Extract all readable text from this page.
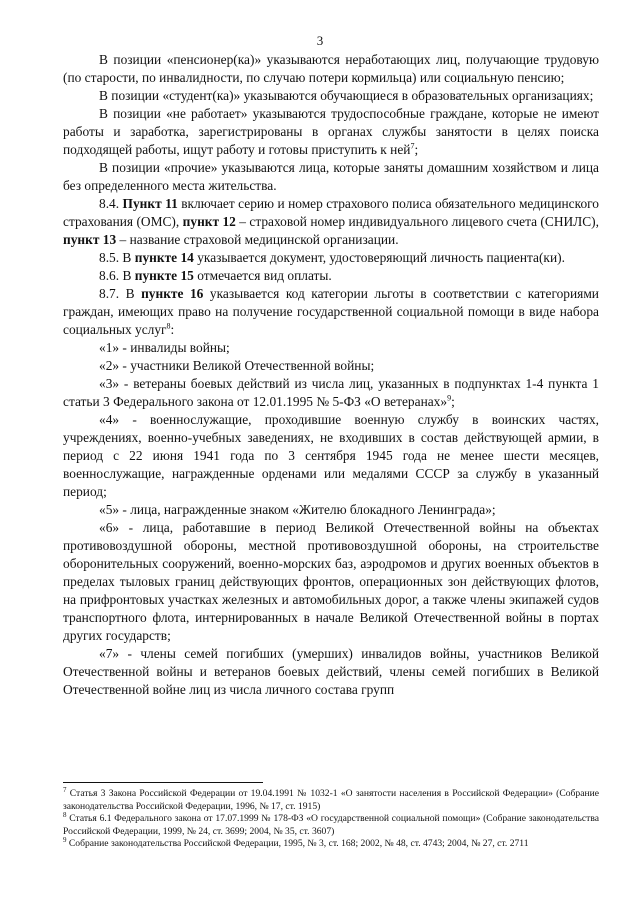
3

В позиции «пенсионер(ка)» указываются неработающих лиц, получающие трудовую (по старости, по инвалидности, по случаю потери кормильца) или социальную пенсию;

В позиции «студент(ка)» указываются обучающиеся в образовательных организациях;

В позиции «не работает» указываются трудоспособные граждане, которые не имеют работы и заработка, зарегистрированы в органах службы занятости в целях поиска подходящей работы, ищут работу и готовы приступить к ней$^7$;

В позиции «прочие» указываются лица, которые заняты домашним хозяйством и лица без определенного места жительства.

8.4. Пункт 11 включает серию и номер страхового полиса обязательного медицинского страхования (ОМС), пункт 12 – страховой номер индивидуального лицевого счета (СНИЛС), пункт 13 – название страховой медицинской организации.

8.5. В пункте 14 указывается документ, удостоверяющий личность пациента(ки).

8.6. В пункте 15 отмечается вид оплаты.

8.7. В пункте 16 указывается код категории льготы в соответствии с категориями граждан, имеющих право на получение государственной социальной помощи в виде набора социальных услуг$^8$:

«1» - инвалиды войны;

«2» - участники Великой Отечественной войны;

«3» - ветераны боевых действий из числа лиц, указанных в подпунктах 1-4 пункта 1 статьи 3 Федерального закона от 12.01.1995 № 5-ФЗ «О ветеранах»$^9$;

«4» - военнослужащие, проходившие военную службу в воинских частях, учреждениях, военно-учебных заведениях, не входивших в состав действующей армии, в период с 22 июня 1941 года по 3 сентября 1945 года не менее шести месяцев, военнослужащие, награжденные орденами или медалями СССР за службу в указанный период;

«5» - лица, награжденные знаком «Жителю блокадного Ленинграда»;

«6» - лица, работавшие в период Великой Отечественной войны на объектах противовоздушной обороны, местной противовоздушной обороны, на строительстве оборонительных сооружений, военно-морских баз, аэродромов и других военных объектов в пределах тыловых границ действующих фронтов, операционных зон действующих флотов, на прифронтовых участках железных и автомобильных дорог, а также члены экипажей судов транспортного флота, интернированных в начале Великой Отечественной войны в портах других государств;

«7» - члены семей погибших (умерших) инвалидов войны, участников Великой Отечественной войны и ветеранов боевых действий, члены семей погибших в Великой Отечественной войне лиц из числа личного состава групп

$^7$ Статья 3 Закона Российской Федерации от 19.04.1991 № 1032-1 «О занятости населения в Российской Федерации» (Собрание законодательства Российской Федерации, 1996, № 17, ст. 1915)

$^8$ Статья 6.1 Федерального закона от 17.07.1999 № 178-ФЗ «О государственной социальной помощи» (Собрание законодательства Российской Федерации, 1999, № 24, ст. 3699; 2004, № 35, ст. 3607)

$^9$ Собрание законодательства Российской Федерации, 1995, № 3, ст. 168; 2002, № 48, ст. 4743; 2004, № 27, ст. 2711
